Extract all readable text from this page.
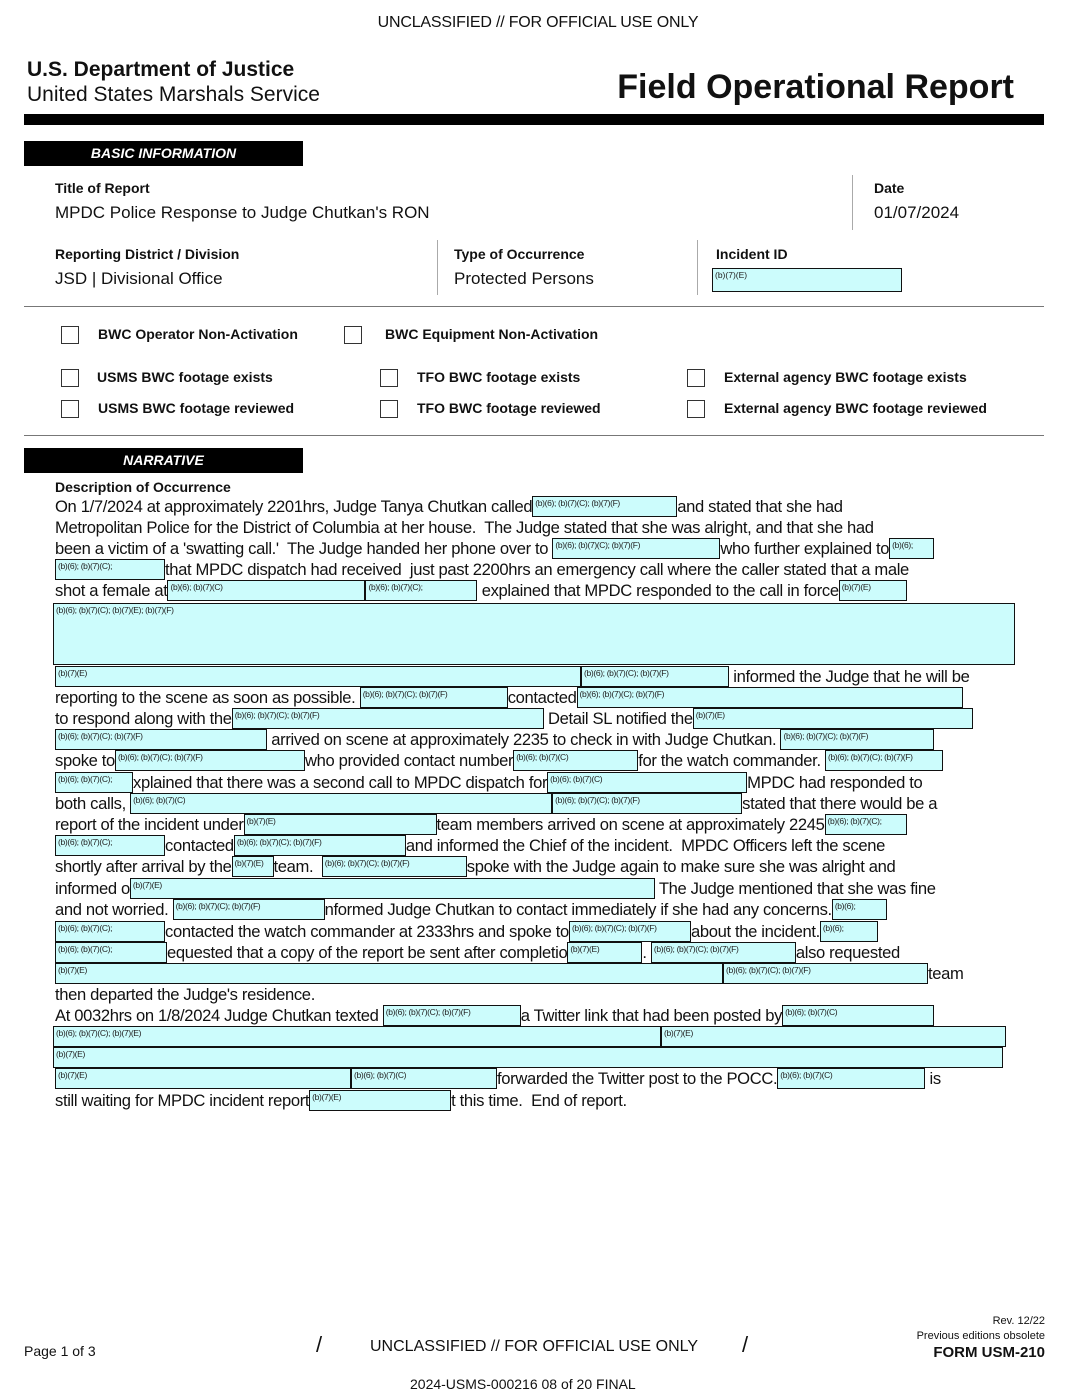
UNCLASSIFIED // FOR OFFICIAL USE ONLY
U.S. Department of Justice
United States Marshals Service	Field Operational Report
BASIC INFORMATION
Title of Report
MPDC Police Response to Judge Chutkan's RON
Date
01/07/2024
Reporting District / Division
JSD | Divisional Office
Type of Occurrence
Protected Persons
Incident ID
(b)(7)(E)
BWC Operator Non-Activation	BWC Equipment Non-Activation
USMS BWC footage exists	TFO BWC footage exists	External agency BWC footage exists
USMS BWC footage reviewed	TFO BWC footage reviewed	External agency BWC footage reviewed
NARRATIVE
Description of Occurrence
On 1/7/2024 at approximately 2201hrs, Judge Tanya Chutkan called (b)(6); (b)(7)(C); (b)(7)(F)	and stated that she had
Metropolitan Police for the District of Columbia at her house.  The Judge stated that she was alright, and that she had
been a victim of a 'swatting call.'  The Judge handed her phone over to (b)(6); (b)(7)(C); (b)(7)(F)	who further explained to (b)(6);
(b)(6); (b)(7)(C);	that MPDC dispatch had received  just past 2200hrs an emergency call where the caller stated that a male
shot a female at (b)(6); (b)(7)(C)	(b)(6); (b)(7)(C);	explained that MPDC responded to the call in force (b)(7)(E)
(b)(6); (b)(7)(C); (b)(7)(E); (b)(7)(F)
(b)(7)(E)	(b)(6); (b)(7)(C); (b)(7)(F)	informed the Judge that he will be
reporting to the scene as soon as possible. (b)(6); (b)(7)(C); (b)(7)(F)	contacted (b)(6); (b)(7)(C); (b)(7)(F)
to respond along with the (b)(6); (b)(7)(C); (b)(7)(F)	Detail SL notified the (b)(7)(E)
(b)(6); (b)(7)(C); (b)(7)(F)	arrived on scene at approximately 2235 to check in with Judge Chutkan. (b)(6); (b)(7)(C); (b)(7)(F)
spoke to (b)(6); (b)(7)(C); (b)(7)(F)	who provided contact number (b)(6); (b)(7)(C)	for the watch commander. (b)(6); (b)(7)(C); (b)(7)(F)
(b)(6); (b)(7)(C);	xplained that there was a second call to MPDC dispatch for (b)(6); (b)(7)(C)	MPDC had responded to
both calls, (b)(6); (b)(7)(C)	(b)(6); (b)(7)(C); (b)(7)(F)	stated that there would be a
report of the incident under (b)(7)(E)	team members arrived on scene at approximately 2245 (b)(6); (b)(7)(C);
(b)(6); (b)(7)(C);	contacted (b)(6); (b)(7)(C); (b)(7)(F)	and informed the Chief of the incident.  MPDC Officers left the scene
shortly after arrival by the (b)(7)(E) team. (b)(6); (b)(7)(C); (b)(7)(F)	spoke with the Judge again to make sure she was alright and
informed o (b)(7)(E)	The Judge mentioned that she was fine
and not worried. (b)(6); (b)(7)(C); (b)(7)(F)	nformed Judge Chutkan to contact immediately if she had any concerns. (b)(6);
(b)(6); (b)(7)(C);	contacted the watch commander at 2333hrs and spoke to (b)(6); (b)(7)(C); (b)(7)(F)	about the incident. (b)(6);
(b)(6); (b)(7)(C);	equested that a copy of the report be sent after completio (b)(7)(E)	. (b)(6); (b)(7)(C); (b)(7)(F)	also requested
(b)(7)(E)	(b)(6); (b)(7)(C); (b)(7)(F)	team
then departed the Judge's residence.
At 0032hrs on 1/8/2024 Judge Chutkan texted (b)(6); (b)(7)(C); (b)(7)(F)	a Twitter link that had been posted by (b)(6); (b)(7)(C)
(b)(6); (b)(7)(C); (b)(7)(E)	(b)(7)(E)
(b)(7)(E)
(b)(7)(E)	(b)(6); (b)(7)(C)	forwarded the Twitter post to the POCC. (b)(6); (b)(7)(C)	is
still waiting for MPDC incident report (b)(7)(E)	t this time.  End of report.
Page 1 of 3	/	UNCLASSIFIED // FOR OFFICIAL USE ONLY /
Rev. 12/22
Previous editions obsolete
FORM USM-210
2024-USMS-000216 08 of 20 FINAL
